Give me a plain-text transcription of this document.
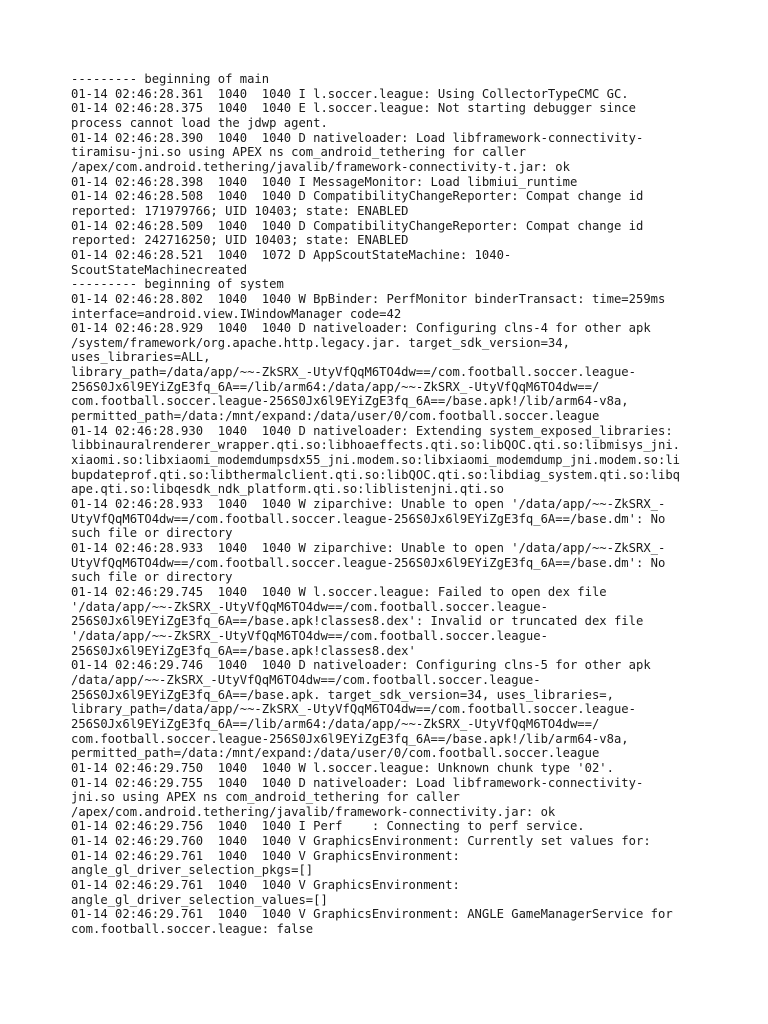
--------- beginning of main
01-14 02:46:28.361  1040  1040 I l.soccer.league: Using CollectorTypeCMC GC.
01-14 02:46:28.375  1040  1040 E l.soccer.league: Not starting debugger since
process cannot load the jdwp agent.
01-14 02:46:28.390  1040  1040 D nativeloader: Load libframework-connectivity-
tiramisu-jni.so using APEX ns com_android_tethering for caller
/apex/com.android.tethering/javalib/framework-connectivity-t.jar: ok
01-14 02:46:28.398  1040  1040 I MessageMonitor: Load libmiui_runtime
01-14 02:46:28.508  1040  1040 D CompatibilityChangeReporter: Compat change id
reported: 171979766; UID 10403; state: ENABLED
01-14 02:46:28.509  1040  1040 D CompatibilityChangeReporter: Compat change id
reported: 242716250; UID 10403; state: ENABLED
01-14 02:46:28.521  1040  1072 D AppScoutStateMachine: 1040-
ScoutStateMachinecreated
--------- beginning of system
01-14 02:46:28.802  1040  1040 W BpBinder: PerfMonitor binderTransact: time=259ms
interface=android.view.IWindowManager code=42
01-14 02:46:28.929  1040  1040 D nativeloader: Configuring clns-4 for other apk
/system/framework/org.apache.http.legacy.jar. target_sdk_version=34,
uses_libraries=ALL,
library_path=/data/app/~~-ZkSRX_-UtyVfQqM6TO4dw==/com.football.soccer.league-
256S0Jx6l9EYiZgE3fq_6A==/lib/arm64:/data/app/~~-ZkSRX_-UtyVfQqM6TO4dw==/
com.football.soccer.league-256S0Jx6l9EYiZgE3fq_6A==/base.apk!/lib/arm64-v8a,
permitted_path=/data:/mnt/expand:/data/user/0/com.football.soccer.league
01-14 02:46:28.930  1040  1040 D nativeloader: Extending system_exposed_libraries:
libbinauralrenderer_wrapper.qti.so:libhoaeffects.qti.so:libQOC.qti.so:libmisys_jni.
xiaomi.so:libxiaomi_modemdumpsdx55_jni.modem.so:libxiaomi_modemdump_jni.modem.so:li
bupdateprof.qti.so:libthermalclient.qti.so:libQOC.qti.so:libdiag_system.qti.so:libq
ape.qti.so:libqesdk_ndk_platform.qti.so:liblistenjni.qti.so
01-14 02:46:28.933  1040  1040 W ziparchive: Unable to open '/data/app/~~-ZkSRX_-
UtyVfQqM6TO4dw==/com.football.soccer.league-256S0Jx6l9EYiZgE3fq_6A==/base.dm': No
such file or directory
01-14 02:46:28.933  1040  1040 W ziparchive: Unable to open '/data/app/~~-ZkSRX_-
UtyVfQqM6TO4dw==/com.football.soccer.league-256S0Jx6l9EYiZgE3fq_6A==/base.dm': No
such file or directory
01-14 02:46:29.745  1040  1040 W l.soccer.league: Failed to open dex file
'/data/app/~~-ZkSRX_-UtyVfQqM6TO4dw==/com.football.soccer.league-
256S0Jx6l9EYiZgE3fq_6A==/base.apk!classes8.dex': Invalid or truncated dex file
'/data/app/~~-ZkSRX_-UtyVfQqM6TO4dw==/com.football.soccer.league-
256S0Jx6l9EYiZgE3fq_6A==/base.apk!classes8.dex'
01-14 02:46:29.746  1040  1040 D nativeloader: Configuring clns-5 for other apk
/data/app/~~-ZkSRX_-UtyVfQqM6TO4dw==/com.football.soccer.league-
256S0Jx6l9EYiZgE3fq_6A==/base.apk. target_sdk_version=34, uses_libraries=,
library_path=/data/app/~~-ZkSRX_-UtyVfQqM6TO4dw==/com.football.soccer.league-
256S0Jx6l9EYiZgE3fq_6A==/lib/arm64:/data/app/~~-ZkSRX_-UtyVfQqM6TO4dw==/
com.football.soccer.league-256S0Jx6l9EYiZgE3fq_6A==/base.apk!/lib/arm64-v8a,
permitted_path=/data:/mnt/expand:/data/user/0/com.football.soccer.league
01-14 02:46:29.750  1040  1040 W l.soccer.league: Unknown chunk type '02'.
01-14 02:46:29.755  1040  1040 D nativeloader: Load libframework-connectivity-
jni.so using APEX ns com_android_tethering for caller
/apex/com.android.tethering/javalib/framework-connectivity.jar: ok
01-14 02:46:29.756  1040  1040 I Perf    : Connecting to perf service.
01-14 02:46:29.760  1040  1040 V GraphicsEnvironment: Currently set values for:
01-14 02:46:29.761  1040  1040 V GraphicsEnvironment:
angle_gl_driver_selection_pkgs=[]
01-14 02:46:29.761  1040  1040 V GraphicsEnvironment:
angle_gl_driver_selection_values=[]
01-14 02:46:29.761  1040  1040 V GraphicsEnvironment: ANGLE GameManagerService for
com.football.soccer.league: false
